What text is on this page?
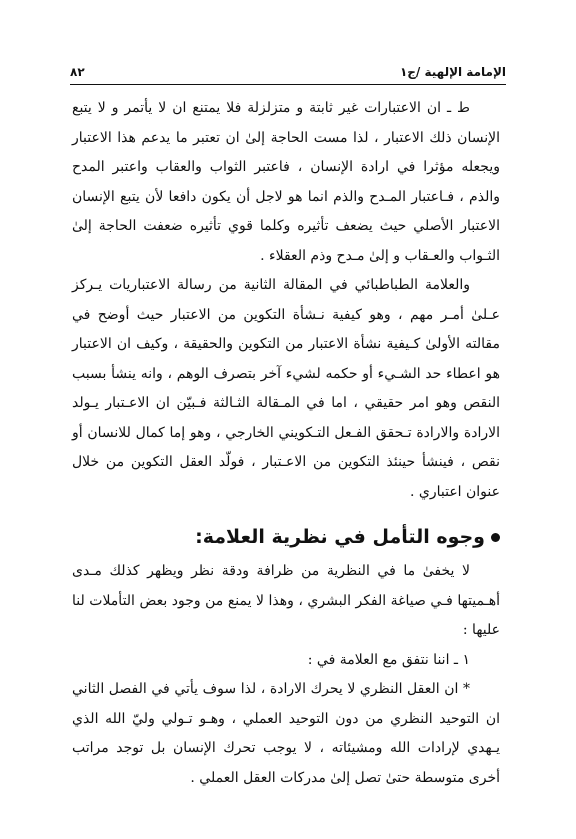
الإمامة الإلهية /ج١
٨٢

ط ـ ان الاعتبارات غير ثابتة و متزلزلة فلا يمتنع ان لا يأتمر و لا يتبع الإنسان ذلك الاعتبار ، لذا مست الحاجة إلىٰ ان تعتبر ما يدعم هذا الاعتبار ويجعله مؤثرا في ارادة الإنسان ، فاعتبر الثواب والعقاب واعتبر المدح والذم ، فـاعتبار المـدح والذم انما هو لاجل أن يكون دافعا لأن يتبع الإنسان الاعتبار الأصلي حيث يضعف تأثيره وكلما قوي تأثيره ضعفت الحاجة إلىٰ الثـواب والعـقاب و إلىٰ مـدح وذم العقلاء .

والعلامة الطباطبائي في المقالة الثانية من رسالة الاعتباريات يـركز عـلىٰ أمـر مهم ، وهو كيفية نـشأة التكوين من الاعتبار حيث أوضح في مقالته الأولىٰ كـيفية نشأة الاعتبار من التكوين والحقيقة ، وكيف ان الاعتبار هو اعطاء حد الشـيء أو حكمه لشيء آخر بتصرف الوهم ، وانه ينشأ بسبب النقص وهو امر حقيقي ، اما في المـقالة الثـالثة فـبيّن ان الاعـتبار يـولد الارادة والارادة تـحقق الفـعل التـكويني الخارجي ، وهو إما كمال للانسان أو نقص ، فينشأ حينئذ التكوين من الاعـتبار ، فولّد العقل التكوين من خلال عنوان اعتباري .

وجوه التأمل في نظرية العلامة:

لا يخفىٰ ما في النظرية من ظرافة ودقة نظر ويظهر كذلك مـدى أهـميتها فـي صياغة الفكر البشري ، وهذا لا يمنع من وجود بعض التأملات لنا عليها :

١ ـ اننا نتفق مع العلامة في :

* ان العقل النظري لا يحرك الارادة ، لذا سوف يأتي في الفصل الثاني ان التوحيد النظري من دون التوحيد العملي ، وهـو تـولي وليّ الله الذي يـهدي لإرادات الله ومشيئاته ، لا يوجب تحرك الإنسان بل توجد مراتب أخرى متوسطة حتىٰ تصل إلىٰ مدركات العقل العملي .
